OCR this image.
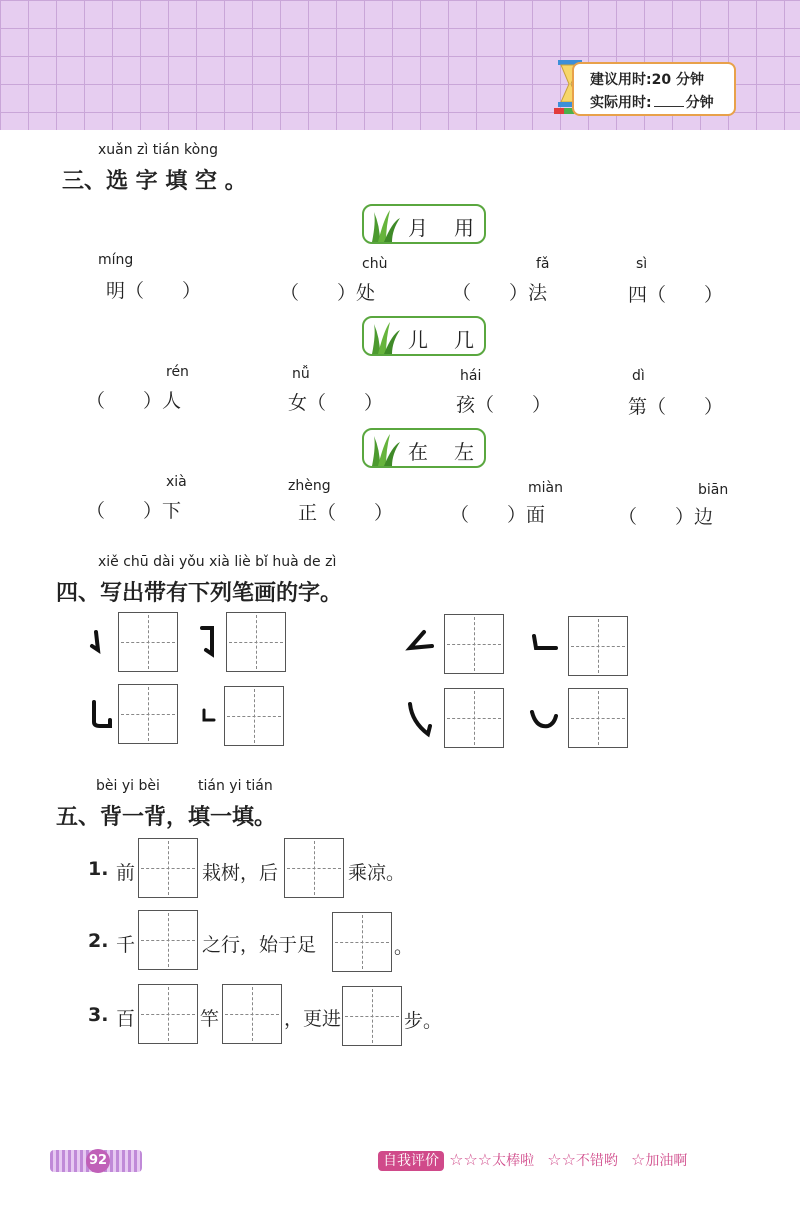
建议用时:20 分钟
实际用时: 分钟
xuǎn zì tián kòng
三、选 字 填 空 。
月用
míng
明（　　）
chù
（　　）处
fǎ
（　　）法
sì
四（　　）
儿几
rén
（　　）人
nǚ
女（　　）
hái
孩（　　）
dì
第（　　）
在左
xià
（　　）下
zhèng
正（　　）
miàn
（　　）面
biān
（　　）边
xiě chū dài yǒu xià liè bǐ huà de zì
四、写出带有下列笔画的字。
bèi yi bèi	tián yi tián
五、背一背，填一填。
1. 前	栽树，后	乘凉。
2. 千	之行，始于足	。
3. 百	竿	，更进	步。
92	自我评价 ☆☆☆太棒啦 ☆☆不错哟 ☆加油啊
